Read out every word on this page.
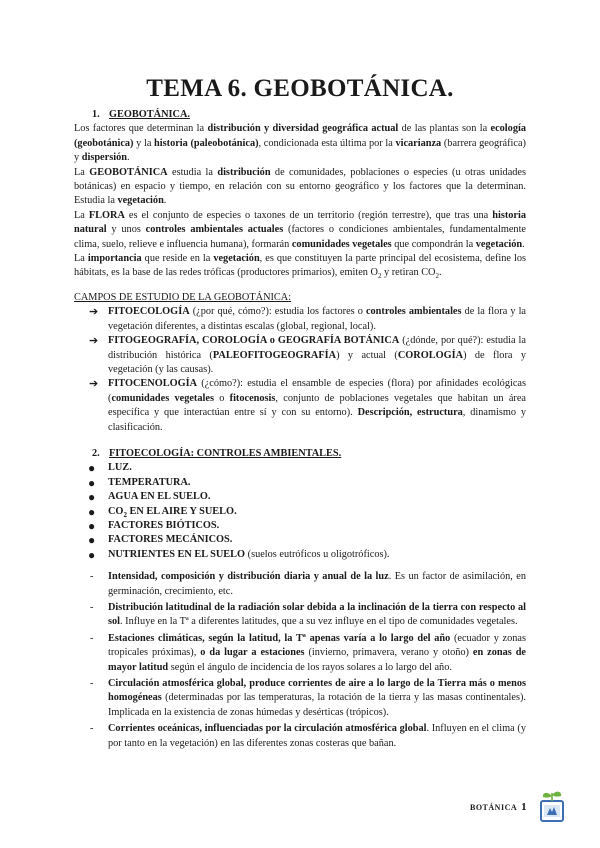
TEMA 6. GEOBOTÁNICA.
1. GEOBOTÁNICA.

Los factores que determinan la distribución y diversidad geográfica actual de las plantas son la ecología (geobotánica) y la historia (paleobotánica), condicionada esta última por la vicarianza (barrera geográfica) y dispersión.

La GEOBOTÁNICA estudia la distribución de comunidades, poblaciones o especies (u otras unidades botánicas) en espacio y tiempo, en relación con su entorno geográfico y los factores que la determinan. Estudia la vegetación.

La FLORA es el conjunto de especies o taxones de un territorio (región terrestre), que tras una historia natural y unos controles ambientales actuales (factores o condiciones ambientales, fundamentalmente clima, suelo, relieve e influencia humana), formarán comunidades vegetales que compondrán la vegetación.

La importancia que reside en la vegetación, es que constituyen la parte principal del ecosistema, define los hábitats, es la base de las redes tróficas (productores primarios), emiten $O_2$ y retiran $CO_2$.

CAMPOS DE ESTUDIO DE LA GEOBOTÁNICA:
➔ FITOECOLOGÍA (¿por qué, cómo?): estudia los factores o controles ambientales de la flora y la vegetación diferentes, a distintas escalas (global, regional, local).
➔ FITOGEOGRAFÍA, COROLOGÍA o GEOGRAFÍA BOTÁNICA (¿dónde, por qué?): estudia la distribución histórica (PALEOFITOGEOGRAFÍA) y actual (COROLOGÍA) de flora y vegetación (y las causas).
➔ FITOCENOLOGÍA (¿cómo?): estudia el ensamble de especies (flora) por afinidades ecológicas (comunidades vegetales o fitocenosis, conjunto de poblaciones vegetales que habitan un área específica y que interactúan entre sí y con su entorno). Descripción, estructura, dinamismo y clasificación.
2. FITOECOLOGÍA: CONTROLES AMBIENTALES.
● LUZ.
● TEMPERATURA.
● AGUA EN EL SUELO.
● $CO_2$ EN EL AIRE Y SUELO.
● FACTORES BIÓTICOS.
● FACTORES MECÁNICOS.
● NUTRIENTES EN EL SUELO (suelos eutróficos u oligotróficos).
- Intensidad, composición y distribución diaria y anual de la luz. Es un factor de asimilación, en germinación, crecimiento, etc.
- Distribución latitudinal de la radiación solar debida a la inclinación de la tierra con respecto al sol. Influye en la Tª a diferentes latitudes, que a su vez influye en el tipo de comunidades vegetales.
- Estaciones climáticas, según la latitud, la Tª apenas varía a lo largo del año (ecuador y zonas tropicales próximas), o da lugar a estaciones (invierno, primavera, verano y otoño) en zonas de mayor latitud según el ángulo de incidencia de los rayos solares a lo largo del año.
- Circulación atmosférica global, produce corrientes de aire a lo largo de la Tierra más o menos homogéneas (determinadas por las temperaturas, la rotación de la tierra y las masas continentales). Implicada en la existencia de zonas húmedas y desérticas (trópicos).
- Corrientes oceánicas, influenciadas por la circulación atmosférica global. Influyen en el clima (y por tanto en la vegetación) en las diferentes zonas costeras que bañan.
BOTÁNICA 1
